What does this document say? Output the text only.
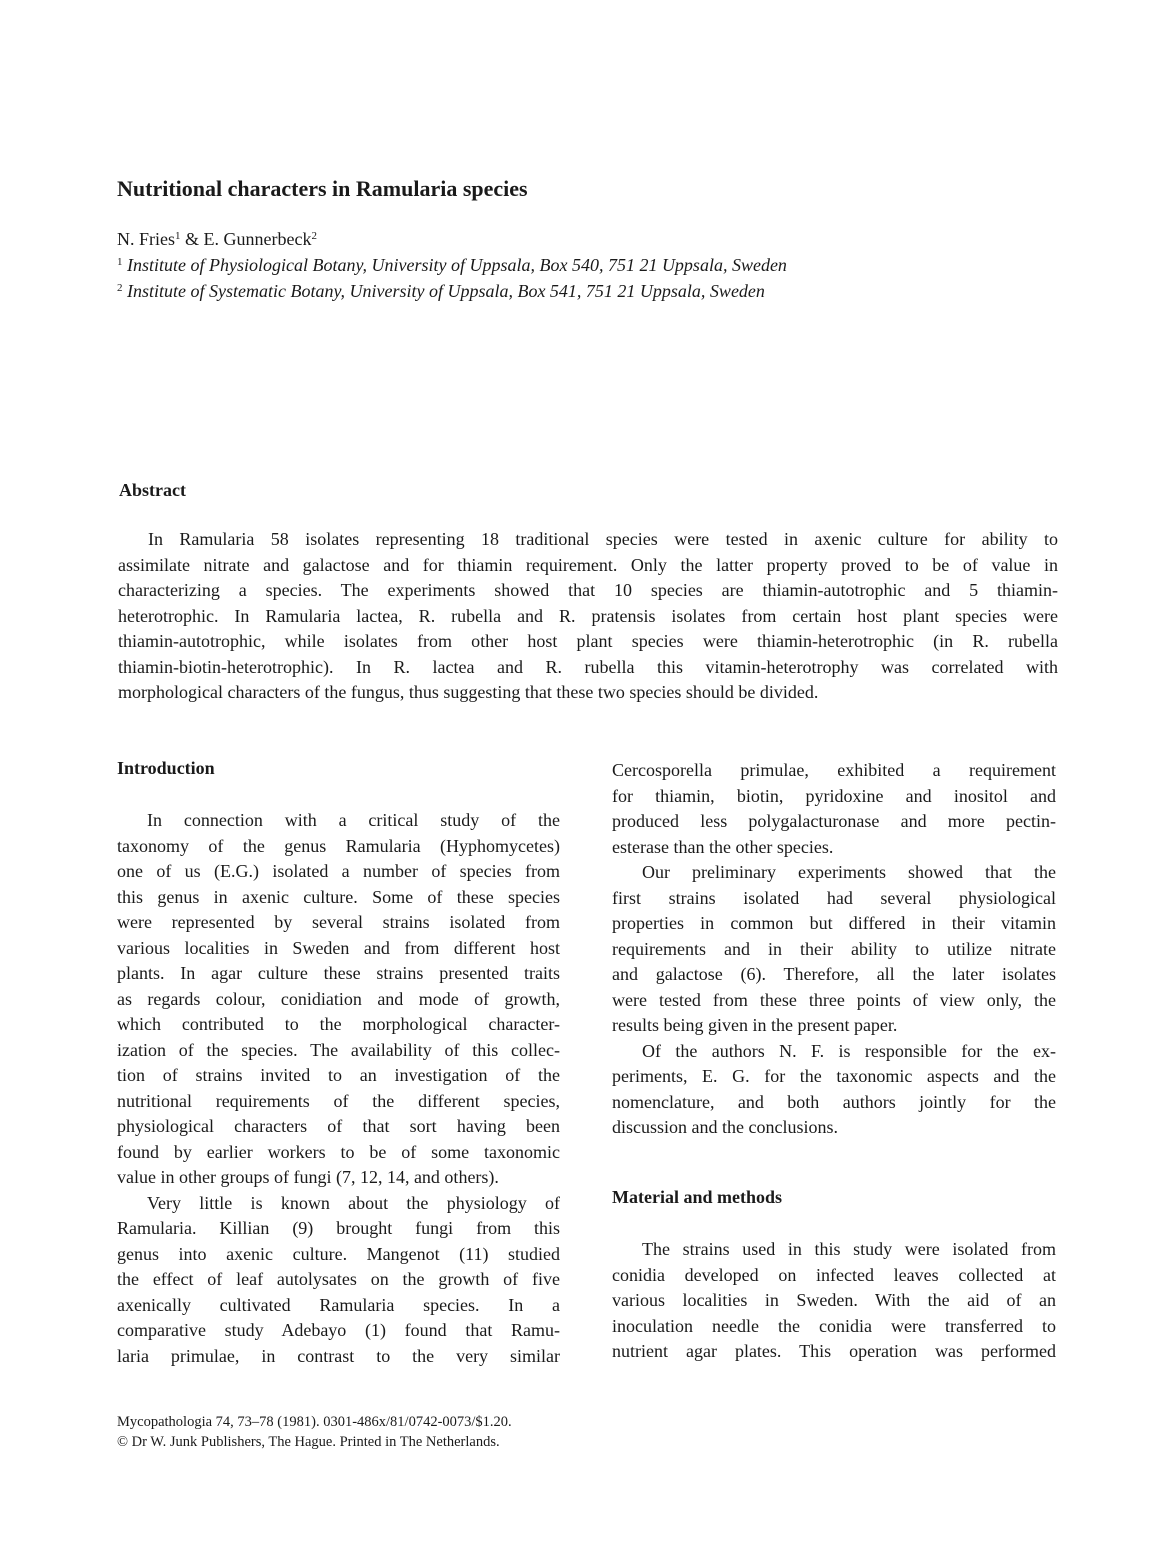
Nutritional characters in Ramularia species
N. Fries$^1$ & E. Gunnerbeck$^2$
$^1$ Institute of Physiological Botany, University of Uppsala, Box 540, 751 21 Uppsala, Sweden
$^2$ Institute of Systematic Botany, University of Uppsala, Box 541, 751 21 Uppsala, Sweden
Abstract
In Ramularia 58 isolates representing 18 traditional species were tested in axenic culture for ability to
assimilate nitrate and galactose and for thiamin requirement. Only the latter property proved to be of value in
characterizing a species. The experiments showed that 10 species are thiamin-autotrophic and 5 thiamin-
heterotrophic. In Ramularia lactea, R. rubella and R. pratensis isolates from certain host plant species were
thiamin-autotrophic, while isolates from other host plant species were thiamin-heterotrophic (in R. rubella
thiamin-biotin-heterotrophic). In R. lactea and R. rubella this vitamin-heterotrophy was correlated with
morphological characters of the fungus, thus suggesting that these two species should be divided.
Introduction
In connection with a critical study of the
taxonomy of the genus Ramularia (Hyphomycetes)
one of us (E.G.) isolated a number of species from
this genus in axenic culture. Some of these species
were represented by several strains isolated from
various localities in Sweden and from different host
plants. In agar culture these strains presented traits
as regards colour, conidiation and mode of growth,
which contributed to the morphological character-
ization of the species. The availability of this collec-
tion of strains invited to an investigation of the
nutritional requirements of the different species,
physiological characters of that sort having been
found by earlier workers to be of some taxonomic
value in other groups of fungi (7, 12, 14, and others).
Very little is known about the physiology of
Ramularia. Killian (9) brought fungi from this
genus into axenic culture. Mangenot (11) studied
the effect of leaf autolysates on the growth of five
axenically cultivated Ramularia species. In a
comparative study Adebayo (1) found that Ramu-
laria primulae, in contrast to the very similar
Cercosporella primulae, exhibited a requirement
for thiamin, biotin, pyridoxine and inositol and
produced less polygalacturonase and more pectin-
esterase than the other species.
Our preliminary experiments showed that the
first strains isolated had several physiological
properties in common but differed in their vitamin
requirements and in their ability to utilize nitrate
and galactose (6). Therefore, all the later isolates
were tested from these three points of view only, the
results being given in the present paper.
Of the authors N. F. is responsible for the ex-
periments, E. G. for the taxonomic aspects and the
nomenclature, and both authors jointly for the
discussion and the conclusions.
Material and methods
The strains used in this study were isolated from
conidia developed on infected leaves collected at
various localities in Sweden. With the aid of an
inoculation needle the conidia were transferred to
nutrient agar plates. This operation was performed
Mycopathologia 74, 73–78 (1981). 0301-486x/81/0742-0073/$1.20.
© Dr W. Junk Publishers, The Hague. Printed in The Netherlands.
